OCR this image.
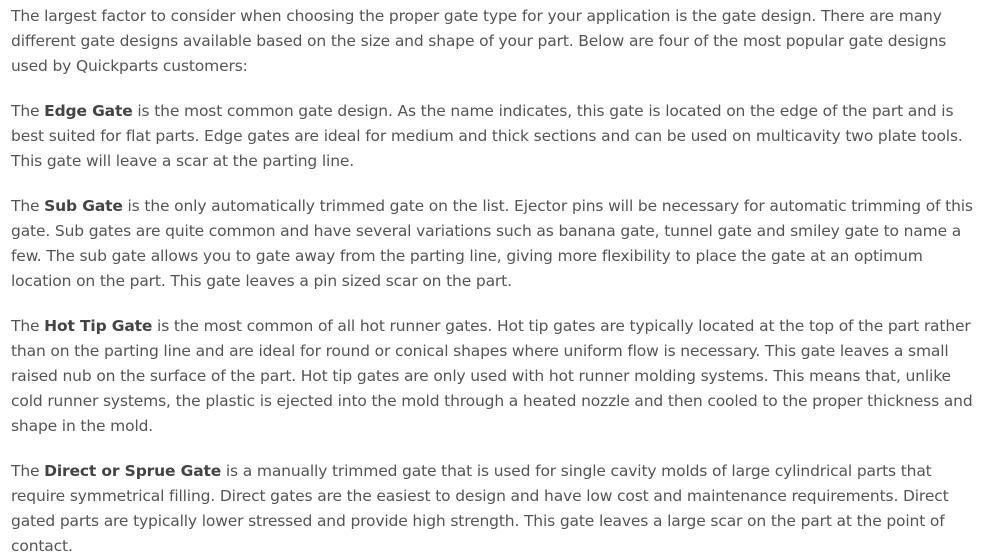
The largest factor to consider when choosing the proper gate type for your application is the gate design. There are many different gate designs available based on the size and shape of your part. Below are four of the most popular gate designs used by Quickparts customers:

The Edge Gate is the most common gate design. As the name indicates, this gate is located on the edge of the part and is best suited for flat parts. Edge gates are ideal for medium and thick sections and can be used on multicavity two plate tools. This gate will leave a scar at the parting line.

The Sub Gate is the only automatically trimmed gate on the list. Ejector pins will be necessary for automatic trimming of this gate. Sub gates are quite common and have several variations such as banana gate, tunnel gate and smiley gate to name a few. The sub gate allows you to gate away from the parting line, giving more flexibility to place the gate at an optimum location on the part. This gate leaves a pin sized scar on the part.

The Hot Tip Gate is the most common of all hot runner gates. Hot tip gates are typically located at the top of the part rather than on the parting line and are ideal for round or conical shapes where uniform flow is necessary. This gate leaves a small raised nub on the surface of the part. Hot tip gates are only used with hot runner molding systems. This means that, unlike cold runner systems, the plastic is ejected into the mold through a heated nozzle and then cooled to the proper thickness and shape in the mold.

The Direct or Sprue Gate is a manually trimmed gate that is used for single cavity molds of large cylindrical parts that require symmetrical filling. Direct gates are the easiest to design and have low cost and maintenance requirements. Direct gated parts are typically lower stressed and provide high strength. This gate leaves a large scar on the part at the point of contact.
